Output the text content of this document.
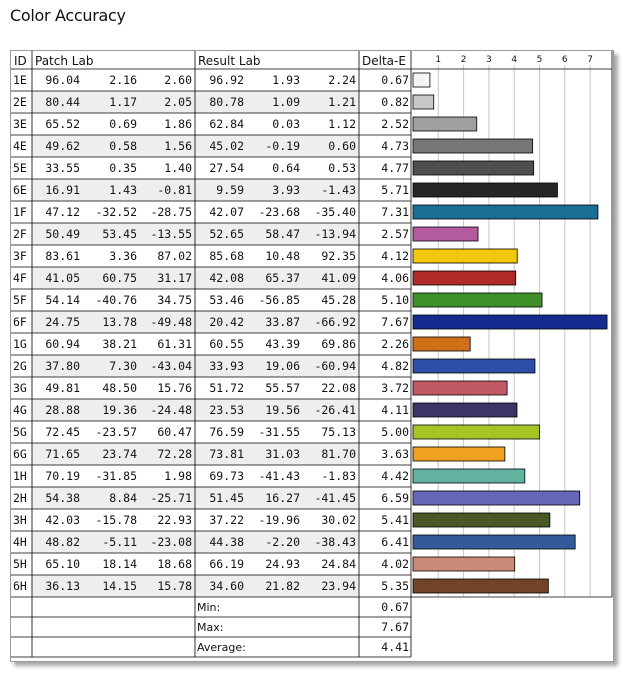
Color Accuracy
1 2 3 4 5 6 7
ID Patch Lab	Result Lab	Delta-E
1E 96.04	2.16 2.60 96.92 1.93 2.24 0.67
2E 80.44	1.17 2.05 80.78 1.09 1.21 0.82
3E 65.52	0.69 1.86 62.84 0.03 1.12 2.52
4E 49.62	0.58 1.56 45.02 -0.19 0.60 4.73
5E 33.55	0.35 1.40 27.54 0.64 0.53 4.77
6E 16.91	1.43 -0.81 9.59 3.93 -1.43 5.71
1F 47.12 -32.52 -28.75 42.07 -23.68 -35.40 7.31
2F 50.49 53.45 -13.55 52.65 58.47 -13.94 2.57
3F 83.61	3.36 87.02 85.68 10.48 92.35 4.12
4F 41.05 60.75 31.17 42.08 65.37 41.09 4.06
5F 54.14 -40.76 34.75 53.46 -56.85 45.28 5.10
6F 24.75 13.78 -49.48 20.42 33.87 -66.92 7.67
1G 60.94 38.21 61.31 60.55 43.39 69.86 2.26
2G 37.80	7.30 -43.04 33.93 19.06 -60.94 4.82
3G 49.81 48.50 15.76 51.72 55.57 22.08 3.72
4G 28.88 19.36 -24.48 23.53 19.56 -26.41 4.11
5G 72.45 -23.57 60.47 76.59 -31.55 75.13 5.00
6G 71.65 23.74 72.28 73.81 31.03 81.70 3.63
1H 70.19 -31.85 1.98 69.73 -41.43 -1.83 4.42
2H 54.38	8.84 -25.71 51.45 16.27 -41.45 6.59
3H 42.03 -15.78 22.93 37.22 -19.96 30.02 5.41
4H 48.82 -5.11 -23.08 44.38 -2.20 -38.43 6.41
5H 65.10 18.14 18.68 66.19 24.93 24.84 4.02
6H 36.13 14.15 15.78 34.60 21.82 23.94 5.35
Min:	0.67
Max:	7.67
Average:	4.41
